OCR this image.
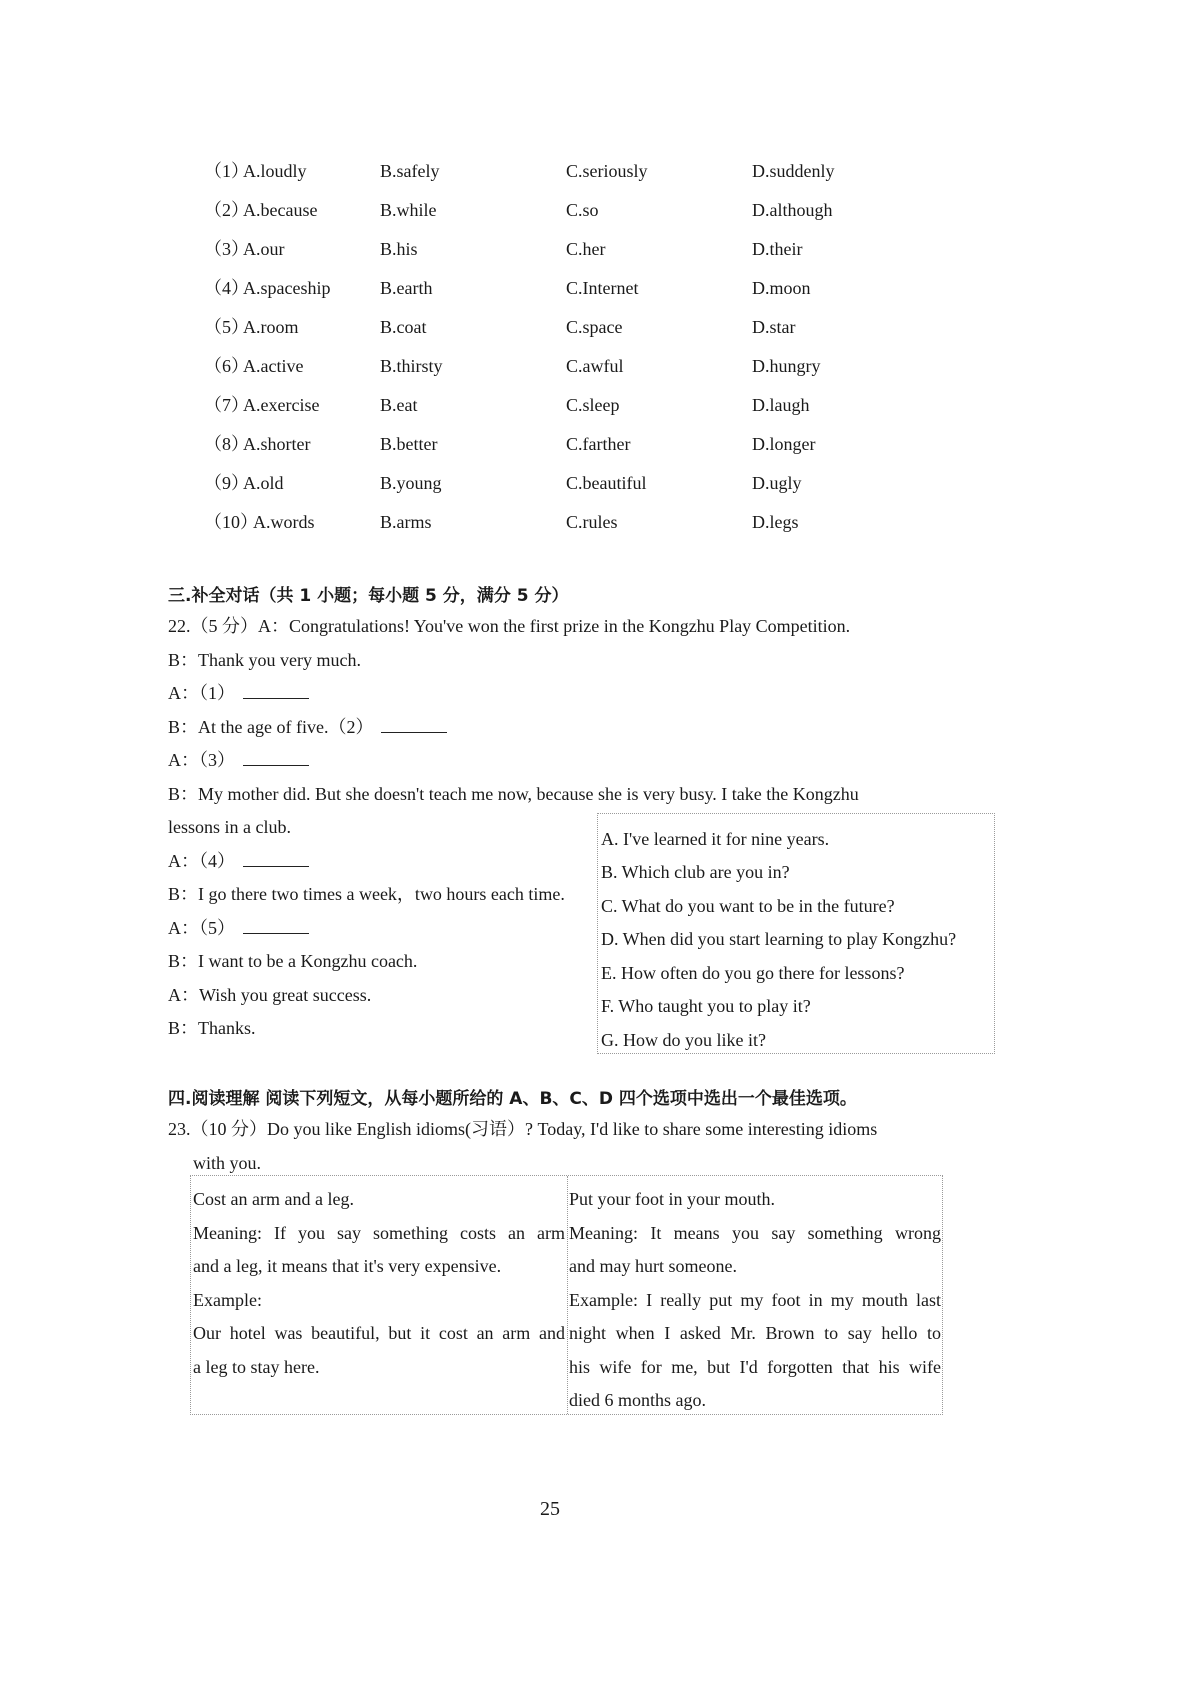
（1）
A.loudly	B.safely	C.seriously	D.suddenly
（2）
A.because	B.while	C.so	D.although
（3）
A.our	B.his	C.her	D.their
（4）
A.spaceship	B.earth	C.Internet	D.moon
（5）
A.room	B.coat	C.space	D.star
（6）
A.active	B.thirsty	C.awful	D.hungry
（7）
A.exercise	B.eat	C.sleep	D.laugh
（8）
A.shorter	B.better	C.farther	D.longer
（9）
A.old	B.young	C.beautiful	D.ugly
（10）
A.words	B.arms	C.rules	D.legs
三.补全对话（共 1 小题；每小题 5 分，满分 5 分）
22.（5 分）A：Congratulations! You've won the first prize in the Kongzhu Play Competition.
B：Thank you very much.
A：（1）
B：At the age of five.（2）
A：（3）
B：My mother did. But she doesn't teach me now, because she is very busy. I take the Kongzhu
lessons in a club.
A：（4）
B：I go there two times a week，two hours each time.
A：（5）
B：I want to be a Kongzhu coach.
A：Wish you great success.
B：Thanks.
A. I've learned it for nine years.
B. Which club are you in?
C. What do you want to be in the future?
D. When did you start learning to play Kongzhu?
E. How often do you go there for lessons?
F. Who taught you to play it?
G. How do you like it?
四.阅读理解 阅读下列短文，从每小题所给的 A、B、C、D 四个选项中选出一个最佳选项。
23.（10 分）Do you like English idioms(习语）? Today, I'd like to share some interesting idioms
with you.
Cost an arm and a leg.
Meaning: If you say something costs an arm
and a leg, it means that it's very expensive.
Example:
Our hotel was beautiful, but it cost an arm and
a leg to stay here.
Put your foot in your mouth.
Meaning: It means you say something wrong
and may hurt someone.
Example: I really put my foot in my mouth last
night when I asked Mr. Brown to say hello to
his wife for me, but I'd forgotten that his wife
died 6 months ago.
25
